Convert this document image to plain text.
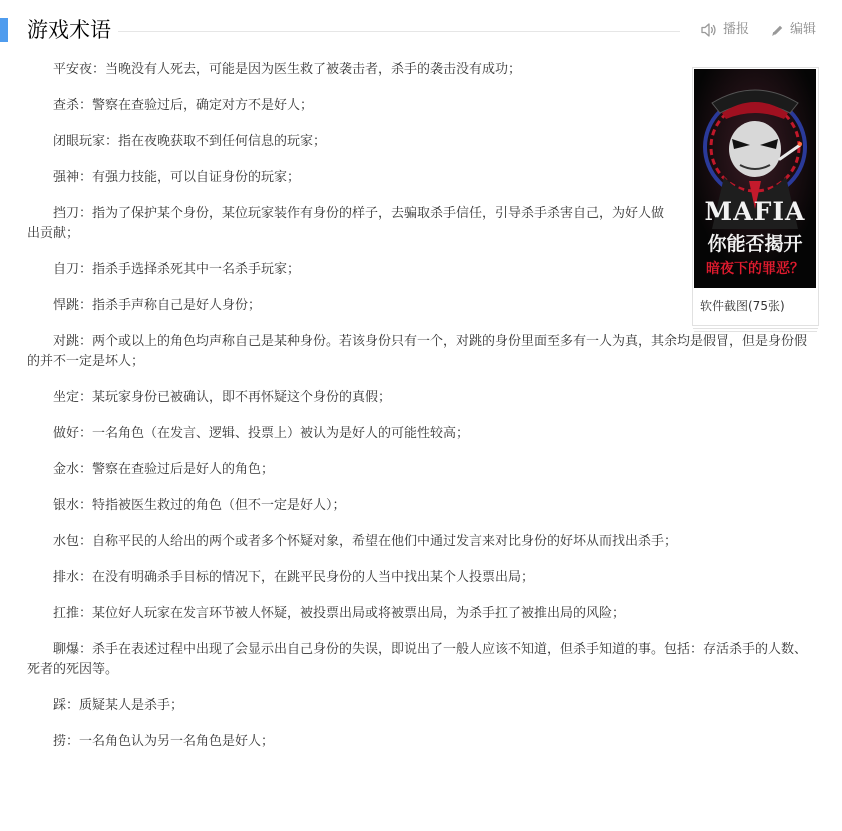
游戏术语	播报	编辑
MAFIA
你能否揭开
暗夜下的罪恶？
软件截图(75张)

平安夜：当晚没有人死去，可能是因为医生救了被袭击者，杀手的袭击没有成功；

查杀：警察在查验过后，确定对方不是好人；

闭眼玩家：指在夜晚获取不到任何信息的玩家；

强神：有强力技能，可以自证身份的玩家；

挡刀：指为了保护某个身份，某位玩家装作有身份的样子，去骗取杀手信任，引导杀手杀害自己，为好人做出贡献；

自刀：指杀手选择杀死其中一名杀手玩家；

悍跳：指杀手声称自己是好人身份；

对跳：两个或以上的角色均声称自己是某种身份。若该身份只有一个，对跳的身份里面至多有一人为真，其余均是假冒，但是身份假的并不一定是坏人；

坐定：某玩家身份已被确认，即不再怀疑这个身份的真假；

做好：一名角色（在发言、逻辑、投票上）被认为是好人的可能性较高；

金水：警察在查验过后是好人的角色；

银水：特指被医生救过的角色（但不一定是好人）；

水包：自称平民的人给出的两个或者多个怀疑对象，希望在他们中通过发言来对比身份的好坏从而找出杀手；

排水：在没有明确杀手目标的情况下，在跳平民身份的人当中找出某个人投票出局；

扛推：某位好人玩家在发言环节被人怀疑，被投票出局或将被票出局，为杀手扛了被推出局的风险；

聊爆：杀手在表述过程中出现了会显示出自己身份的失误，即说出了一般人应该不知道，但杀手知道的事。包括：存活杀手的人数、死者的死因等。

踩：质疑某人是杀手；

捞：一名角色认为另一名角色是好人；
